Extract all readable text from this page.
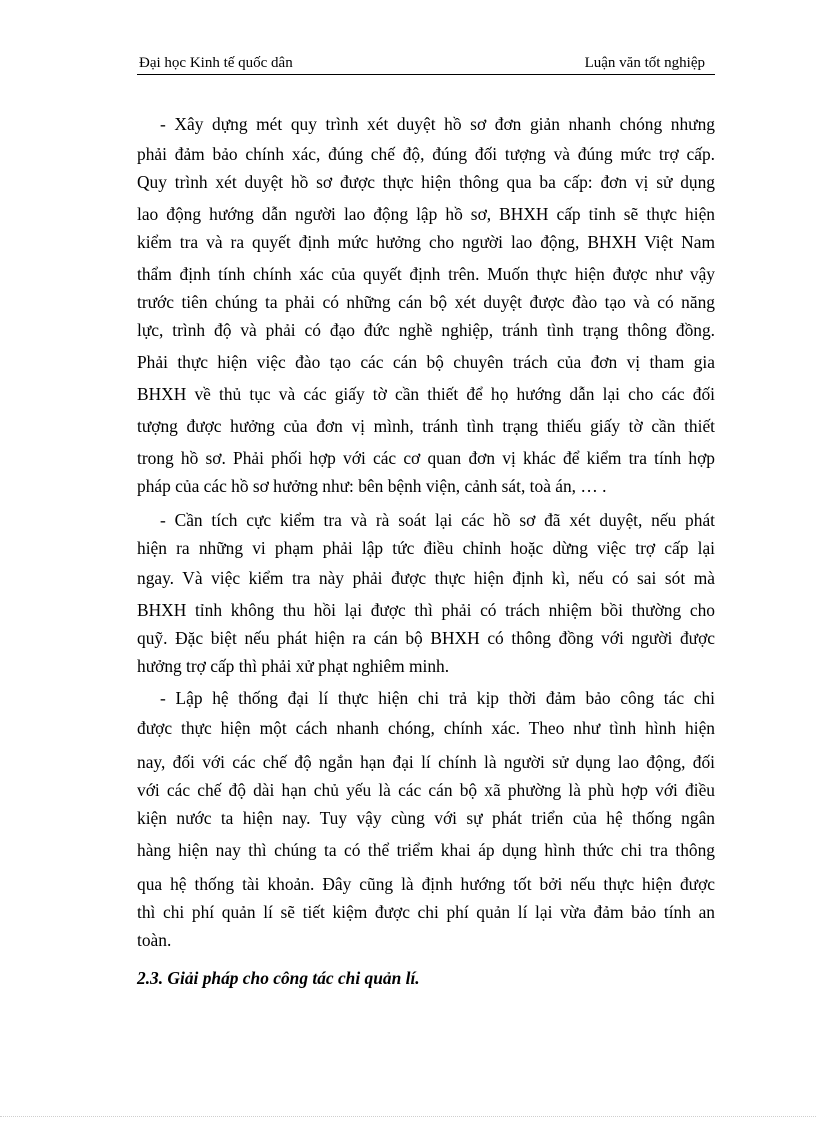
Đại học Kinh tế quốc dân	Luận văn tốt nghiệp
- Xây dựng mét quy trình xét duyệt hồ sơ đơn giản nhanh chóng nhưng
phải đảm bảo chính xác, đúng chế độ, đúng đối tượng và đúng mức trợ cấp.
Quy trình xét duyệt hồ sơ được thực hiện thông qua ba cấp: đơn vị sử dụng
lao động hướng dẫn người lao động lập hồ sơ, BHXH cấp tỉnh sẽ thực hiện
kiểm tra và ra quyết định mức hưởng cho người lao động, BHXH Việt Nam
thẩm định tính chính xác của quyết định trên. Muốn thực hiện được như vậy
trước tiên chúng ta phải có những cán bộ xét duyệt được đào tạo và có năng
lực, trình độ và phải có đạo đức nghề nghiệp, tránh tình trạng thông đồng.
Phải thực hiện việc đào tạo các cán bộ chuyên trách của đơn vị tham gia
BHXH về thủ tục và các giấy tờ cần thiết để họ hướng dẫn lại cho các đối
tượng được hưởng của đơn vị mình, tránh tình trạng thiếu giấy tờ cần thiết
trong hồ sơ. Phải phối hợp với các cơ quan đơn vị khác để kiểm tra tính hợp
pháp của các hồ sơ hưởng như: bên bệnh viện, cảnh sát, toà án, … .
- Cần tích cực kiểm tra và rà soát lại các hồ sơ đã xét duyệt, nếu phát
hiện ra những vi phạm phải lập tức điều chỉnh hoặc dừng việc trợ cấp lại
ngay. Và việc kiểm tra này phải được thực hiện định kì, nếu có sai sót mà
BHXH tỉnh không thu hồi lại được thì phải có trách nhiệm bồi thường cho
quỹ. Đặc biệt nếu phát hiện ra cán bộ BHXH có thông đồng với người được
hưởng trợ cấp thì phải xử phạt nghiêm minh.
- Lập hệ thống đại lí thực hiện chi trả kịp thời đảm bảo công tác chi
được thực hiện một cách nhanh chóng, chính xác. Theo như tình hình hiện
nay, đối với các chế độ ngắn hạn đại lí chính là người sử dụng lao động, đối
với các chế độ dài hạn chủ yếu là các cán bộ xã phường là phù hợp với điều
kiện nước ta hiện nay. Tuy vậy cùng với sự phát triển của hệ thống ngân
hàng hiện nay thì chúng ta có thể triểm khai áp dụng hình thức chi tra thông
qua hệ thống tài khoản. Đây cũng là định hướng tốt bởi nếu thực hiện được
thì chi phí quản lí sẽ tiết kiệm được chi phí quản lí lại vừa đảm bảo tính an
toàn.
2.3. Giải pháp cho công tác chi quản lí.
